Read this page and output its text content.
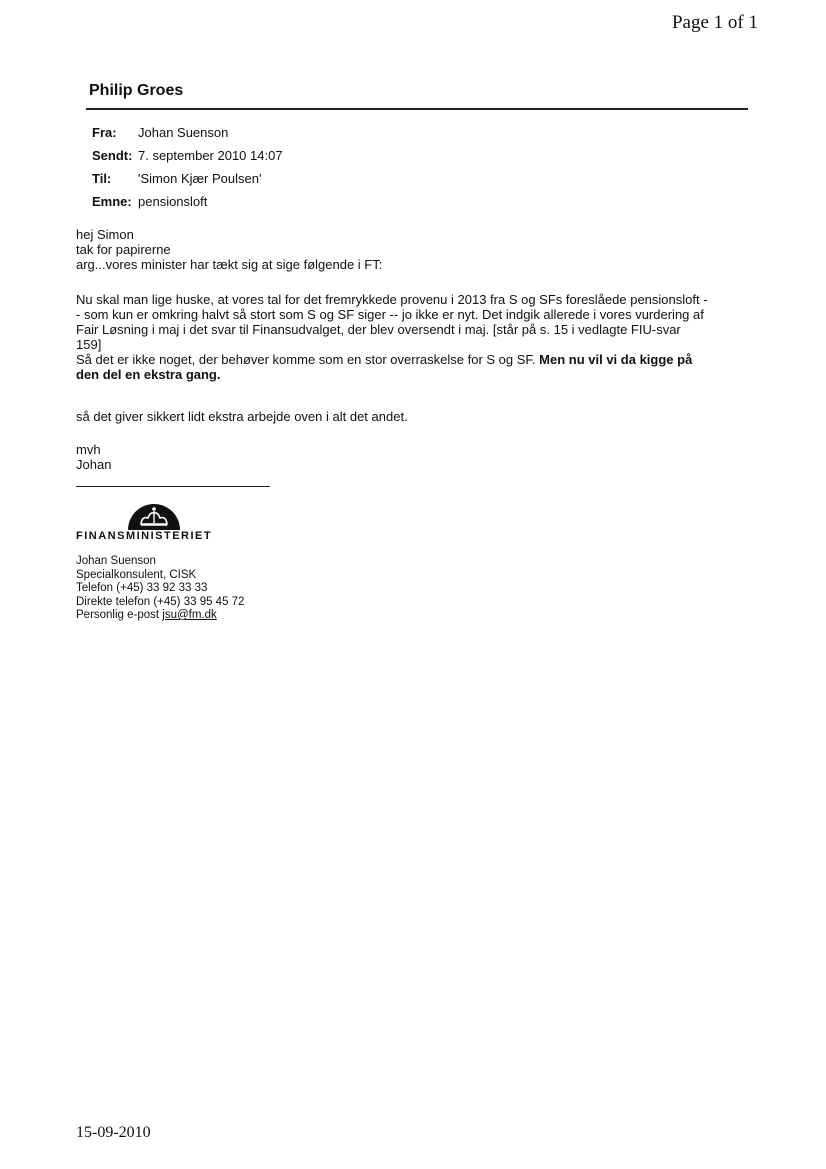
Page 1 of 1
Philip Groes
Fra:	Johan Suenson
Sendt: 7. september 2010 14:07
Til:	'Simon Kjær Poulsen'
Emne: pensionsloft
hej Simon
tak for papirerne
arg...vores minister har tækt sig at sige følgende i FT:
Nu skal man lige huske, at vores tal for det fremrykkede provenu i 2013 fra S og SFs foreslåede pensionsloft -
- som kun er omkring halvt så stort som S og SF siger -- jo ikke er nyt. Det indgik allerede i vores vurdering af
Fair Løsning i maj i det svar til Finansudvalget, der blev oversendt i maj. [står på s. 15 i vedlagte FIU-svar
159]
Så det er ikke noget, der behøver komme som en stor overraskelse for S og SF. Men nu vil vi da kigge på
den del en ekstra gang.
så det giver sikkert lidt ekstra arbejde oven i alt det andet.
mvh
Johan
FINANSMINISTERIET
Johan Suenson
Specialkonsulent, CISK
Telefon (+45) 33 92 33 33
Direkte telefon (+45) 33 95 45 72
Personlig e-post jsu@fm.dk
15-09-2010
